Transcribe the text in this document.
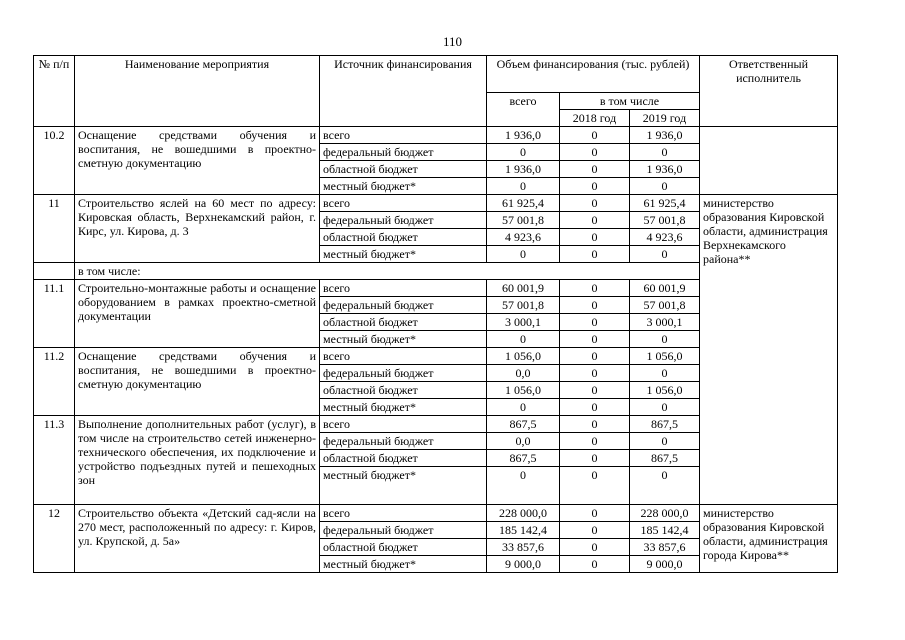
110
№ п/п	Наименование мероприятия	Источник финансирования	Объем финансирования (тыс. рублей)			Ответственный исполнитель
			всего	в том числе		
				2018 год	2019 год	
10.2	Оснащение средствами обучения и воспитания, не вошедшими в проектно-сметную документацию	всего	1 936,0	0	1 936,0	
		федеральный бюджет	0	0	0	
		областной бюджет	1 936,0	0	1 936,0	
		местный бюджет*	0	0	0	
11	Строительство яслей на 60 мест по адресу: Кировская область, Верхнекамский район, г. Кирс, ул. Кирова, д. 3	всего	61 925,4	0	61 925,4	министерство образования Кировской области, администрация Верхнекамского района**
		федеральный бюджет	57 001,8	0	57 001,8	
		областной бюджет	4 923,6	0	4 923,6	
		местный бюджет*	0	0	0	
	в том числе:					
11.1	Строительно-монтажные работы и оснащение оборудованием в рамках проектно-сметной документации	всего	60 001,9	0	60 001,9	
		федеральный бюджет	57 001,8	0	57 001,8	
		областной бюджет	3 000,1	0	3 000,1	
		местный бюджет*	0	0	0	
11.2	Оснащение средствами обучения и воспитания, не вошедшими в проектно-сметную документацию	всего	1 056,0	0	1 056,0	
		федеральный бюджет	0,0	0	0	
		областной бюджет	1 056,0	0	1 056,0	
		местный бюджет*	0	0	0	
11.3	Выполнение дополнительных работ (услуг), в том числе на строительство сетей инженерно-технического обеспечения, их подключение и устройство подъездных путей и пешеходных зон	всего	867,5	0	867,5	
		федеральный бюджет	0,0	0	0	
		областной бюджет	867,5	0	867,5	
		местный бюджет*	0	0	0	
12	Строительство объекта «Детский сад-ясли на 270 мест, расположенный по адресу: г. Киров, ул. Крупской, д. 5а»	всего	228 000,0	0	228 000,0	министерство образования Кировской области, администрация города Кирова**
		федеральный бюджет	185 142,4	0	185 142,4	
		областной бюджет	33 857,6	0	33 857,6	
		местный бюджет*	9 000,0	0	9 000,0	
